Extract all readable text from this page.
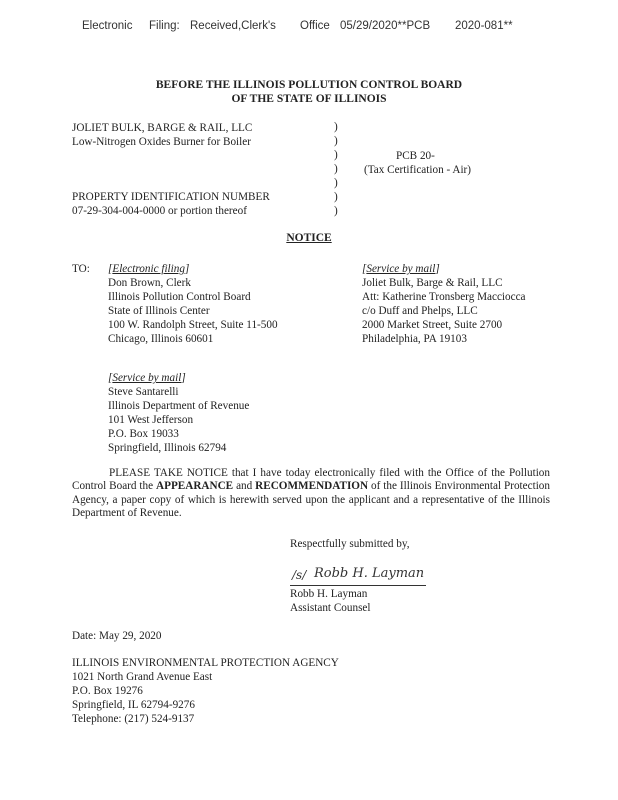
Electronic Filing: Received,Clerk's Office 05/29/2020**PCB 2020-081**
BEFORE THE ILLINOIS POLLUTION CONTROL BOARD
OF THE STATE OF ILLINOIS
JOLIET BULK, BARGE & RAIL, LLC
Low-Nitrogen Oxides Burner for Boiler
PROPERTY IDENTIFICATION NUMBER
07-29-304-004-0000 or portion thereof
)
)
)
)
)
)
)
PCB 20-
(Tax Certification - Air)
NOTICE
TO: [Electronic filing]
Don Brown, Clerk
Illinois Pollution Control Board
State of Illinois Center
100 W. Randolph Street, Suite 11-500
Chicago, Illinois 60601
[Service by mail]
Joliet Bulk, Barge & Rail, LLC
Att: Katherine Tronsberg Macciocca
c/o Duff and Phelps, LLC
2000 Market Street, Suite 2700
Philadelphia, PA 19103
[Service by mail]
Steve Santarelli
Illinois Department of Revenue
101 West Jefferson
P.O. Box 19033
Springfield, Illinois 62794
PLEASE TAKE NOTICE that I have today electronically filed with the Office of the Pollution Control Board the APPEARANCE and RECOMMENDATION of the Illinois Environmental Protection Agency, a paper copy of which is herewith served upon the applicant and a representative of the Illinois Department of Revenue.
Respectfully submitted by,
/s/ Robb H. Layman
Robb H. Layman
Assistant Counsel
Date: May 29, 2020
ILLINOIS ENVIRONMENTAL PROTECTION AGENCY
1021 North Grand Avenue East
P.O. Box 19276
Springfield, IL 62794-9276
Telephone: (217) 524-9137
